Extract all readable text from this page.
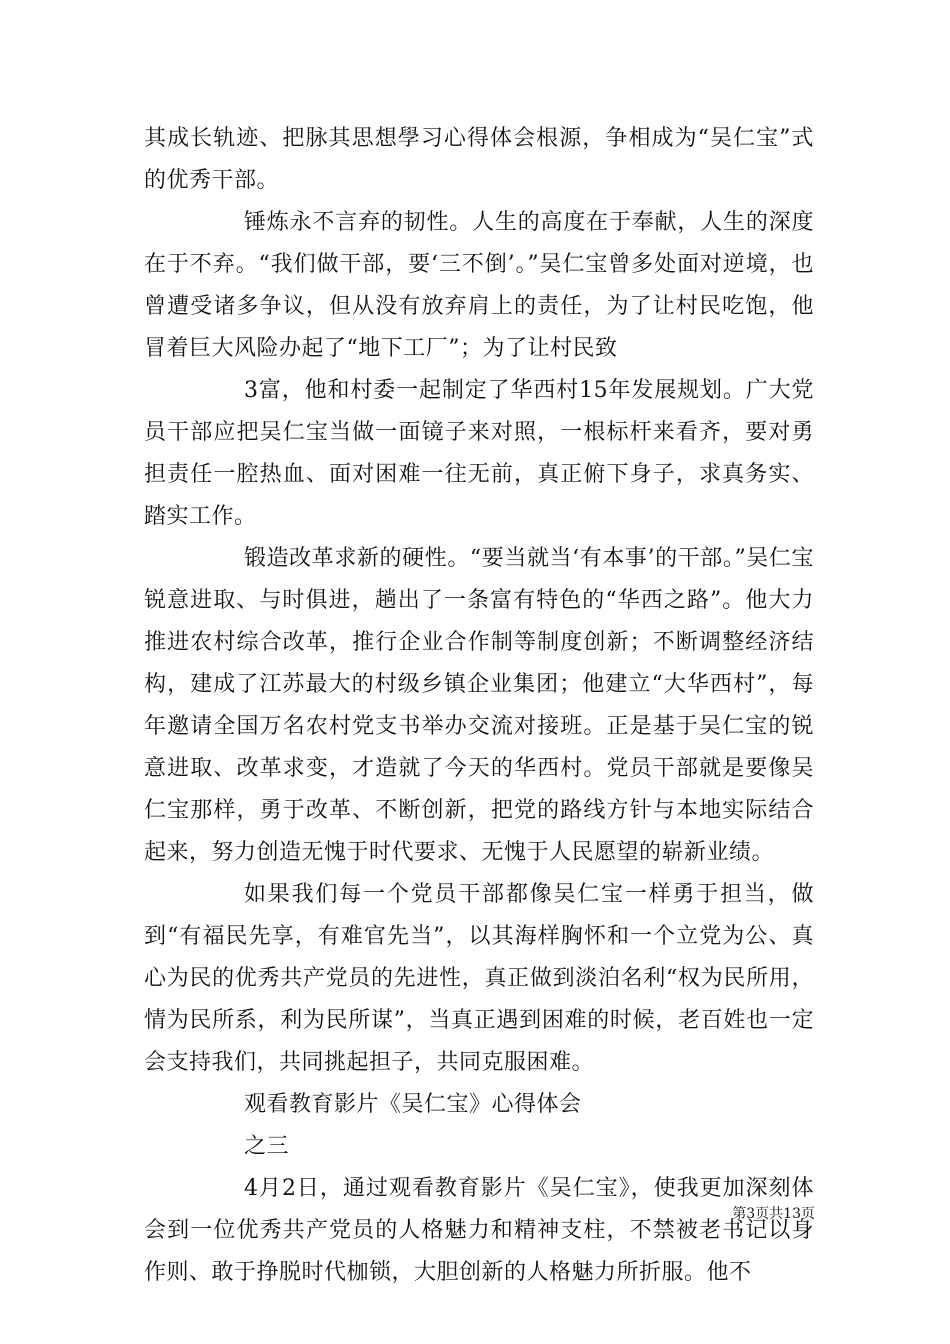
其成长轨迹、把脉其思想學习心得体会根源，争相成为“吴仁宝”式的优秀干部。

锤炼永不言弃的韧性。人生的高度在于奉献，人生的深度在于不弃。“我们做干部，要‘三不倒’。”吴仁宝曾多处面对逆境，也曾遭受诸多争议，但从没有放弃肩上的责任，为了让村民吃饱，他冒着巨大风险办起了“地下工厂”；为了让村民致

3富，他和村委一起制定了华西村15年发展规划。广大党员干部应把吴仁宝当做一面镜子来对照，一根标杆来看齐，要对勇担责任一腔热血、面对困难一往无前，真正俯下身子，求真务实、踏实工作。

锻造改革求新的硬性。“要当就当‘有本事’的干部。”吴仁宝锐意进取、与时俱进，趟出了一条富有特色的“华西之路”。他大力推进农村综合改革，推行企业合作制等制度创新；不断调整经济结构，建成了江苏最大的村级乡镇企业集团；他建立“大华西村”，每年邀请全国万名农村党支书举办交流对接班。正是基于吴仁宝的锐意进取、改革求变，才造就了今天的华西村。党员干部就是要像吴仁宝那样，勇于改革、不断创新，把党的路线方针与本地实际结合起来，努力创造无愧于时代要求、无愧于人民愿望的崭新业绩。

如果我们每一个党员干部都像吴仁宝一样勇于担当，做到“有福民先享，有难官先当”，以其海样胸怀和一个立党为公、真心为民的优秀共产党员的先进性，真正做到淡泊名利“权为民所用，情为民所系，利为民所谋”，当真正遇到困难的时候，老百姓也一定会支持我们，共同挑起担子，共同克服困难。

观看教育影片《吴仁宝》心得体会

之三

4月2日，通过观看教育影片《吴仁宝》，使我更加深刻体会到一位优秀共产党员的人格魅力和精神支柱，不禁被老书记以身作则、敢于挣脱时代枷锁，大胆创新的人格魅力所折服。他不

第3页共13页
